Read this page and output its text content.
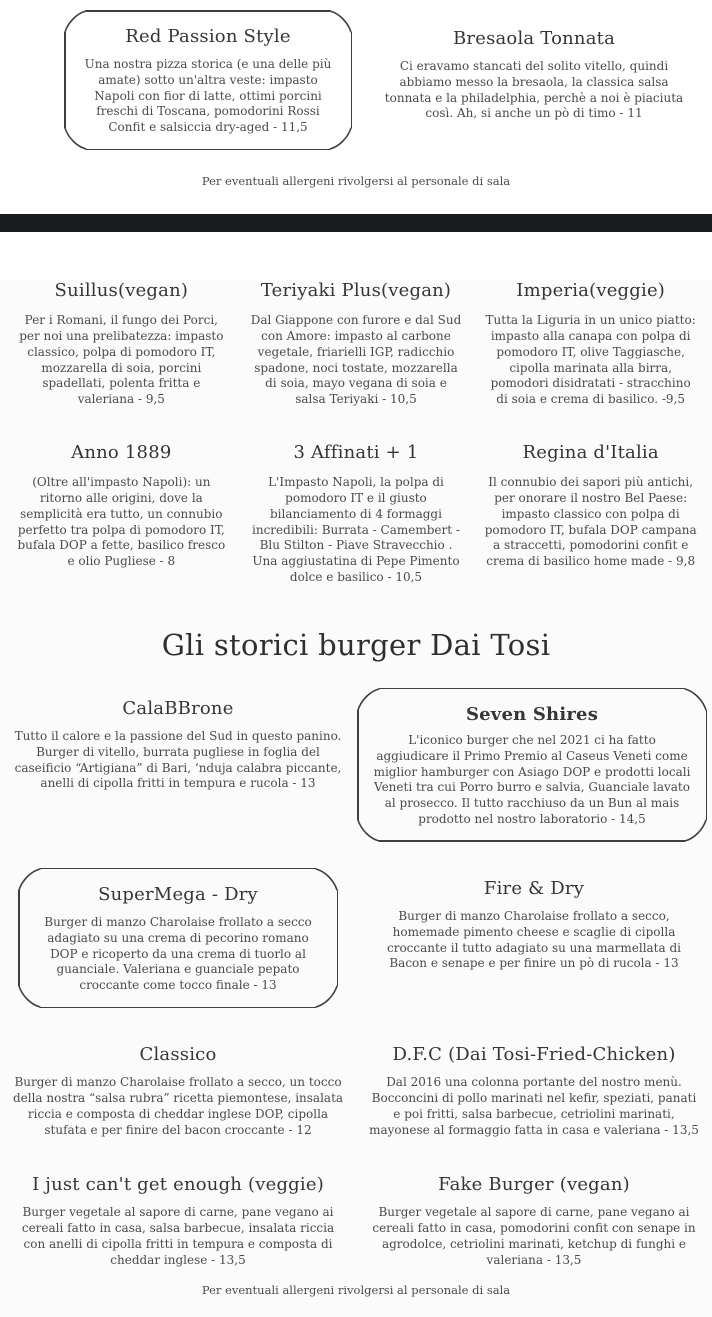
Red Passion Style

Una nostra pizza storica (e una delle più amate) sotto un'altra veste: impasto Napoli con fior di latte, ottimi porcini freschi di Toscana, pomodorini Rossi Confit e salsiccia dry-aged - 11,5

Bresaola Tonnata

Ci eravamo stancati del solito vitello, quindi abbiamo messo la bresaola, la classica salsa tonnata e la philadelphia, perchè a noi è piaciuta così. Ah, si anche un pò di timo - 11

Per eventuali allergeni rivolgersi al personale di sala

Suillus(vegan)

Per i Romani, il fungo dei Porci, per noi una prelibatezza: impasto classico, polpa di pomodoro IT, mozzarella di soia, porcini spadellati, polenta fritta e valeriana - 9,5

Teriyaki Plus(vegan)

Dal Giappone con furore e dal Sud con Amore: impasto al carbone vegetale, friarielli IGP, radicchio spadone, noci tostate, mozzarella di soia, mayo vegana di soia e salsa Teriyaki - 10,5

Imperia(veggie)

Tutta la Liguria in un unico piatto: impasto alla canapa con polpa di pomodoro IT, olive Taggiasche, cipolla marinata alla birra, pomodori disidratati - stracchino di soia e crema di basilico. -9,5

Anno 1889

(Oltre all'impasto Napoli): un ritorno alle origini, dove la semplicità era tutto, un connubio perfetto tra polpa di pomodoro IT, bufala DOP a fette, basilico fresco e olio Pugliese - 8

3 Affinati + 1

L'Impasto Napoli, la polpa di pomodoro IT e il giusto bilanciamento di 4 formaggi incredibili: Burrata - Camembert - Blu Stilton - Piave Stravecchio . Una aggiustatina di Pepe Pimento dolce e basilico - 10,5

Regina d'Italia

Il connubio dei sapori più antichi, per onorare il nostro Bel Paese: impasto classico con polpa di pomodoro IT, bufala DOP campana a straccetti, pomodorini confit e crema di basilico home made - 9,8

Gli storici burger Dai Tosi
CalaBBrone

Tutto il calore e la passione del Sud in questo panino. Burger di vitello, burrata pugliese in foglia del caseificio “Artigiana” di Bari, ‘nduja calabra piccante, anelli di cipolla fritti in tempura e rucola - 13

Seven Shires

L'iconico burger che nel 2021 ci ha fatto aggiudicare il Primo Premio al Caseus Veneti come miglior hamburger con Asiago DOP e prodotti locali Veneti tra cui Porro burro e salvia, Guanciale lavato al prosecco. Il tutto racchiuso da un Bun al mais prodotto nel nostro laboratorio - 14,5

SuperMega - Dry

Burger di manzo Charolaise frollato a secco adagiato su una crema di pecorino romano DOP e ricoperto da una crema di tuorlo al guanciale. Valeriana e guanciale pepato croccante come tocco finale - 13

Fire & Dry

Burger di manzo Charolaise frollato a secco, homemade pimento cheese e scaglie di cipolla croccante il tutto adagiato su una marmellata di Bacon e senape e per finire un pò di rucola - 13

Classico

Burger di manzo Charolaise frollato a secco, un tocco della nostra “salsa rubra” ricetta piemontese, insalata riccia e composta di cheddar inglese DOP, cipolla stufata e per finire del bacon croccante - 12

D.F.C (Dai Tosi-Fried-Chicken)

Dal 2016 una colonna portante del nostro menù. Bocconcini di pollo marinati nel kefir, speziati, panati e poi fritti, salsa barbecue, cetriolini marinati, mayonese al formaggio fatta in casa e valeriana - 13,5

I just can't get enough (veggie)

Burger vegetale al sapore di carne, pane vegano ai cereali fatto in casa, salsa barbecue, insalata riccia con anelli di cipolla fritti in tempura e composta di cheddar inglese - 13,5

Fake Burger (vegan)

Burger vegetale al sapore di carne, pane vegano ai cereali fatto in casa, pomodorini confit con senape in agrodolce, cetriolini marinati, ketchup di funghi e valeriana - 13,5

Per eventuali allergeni rivolgersi al personale di sala
